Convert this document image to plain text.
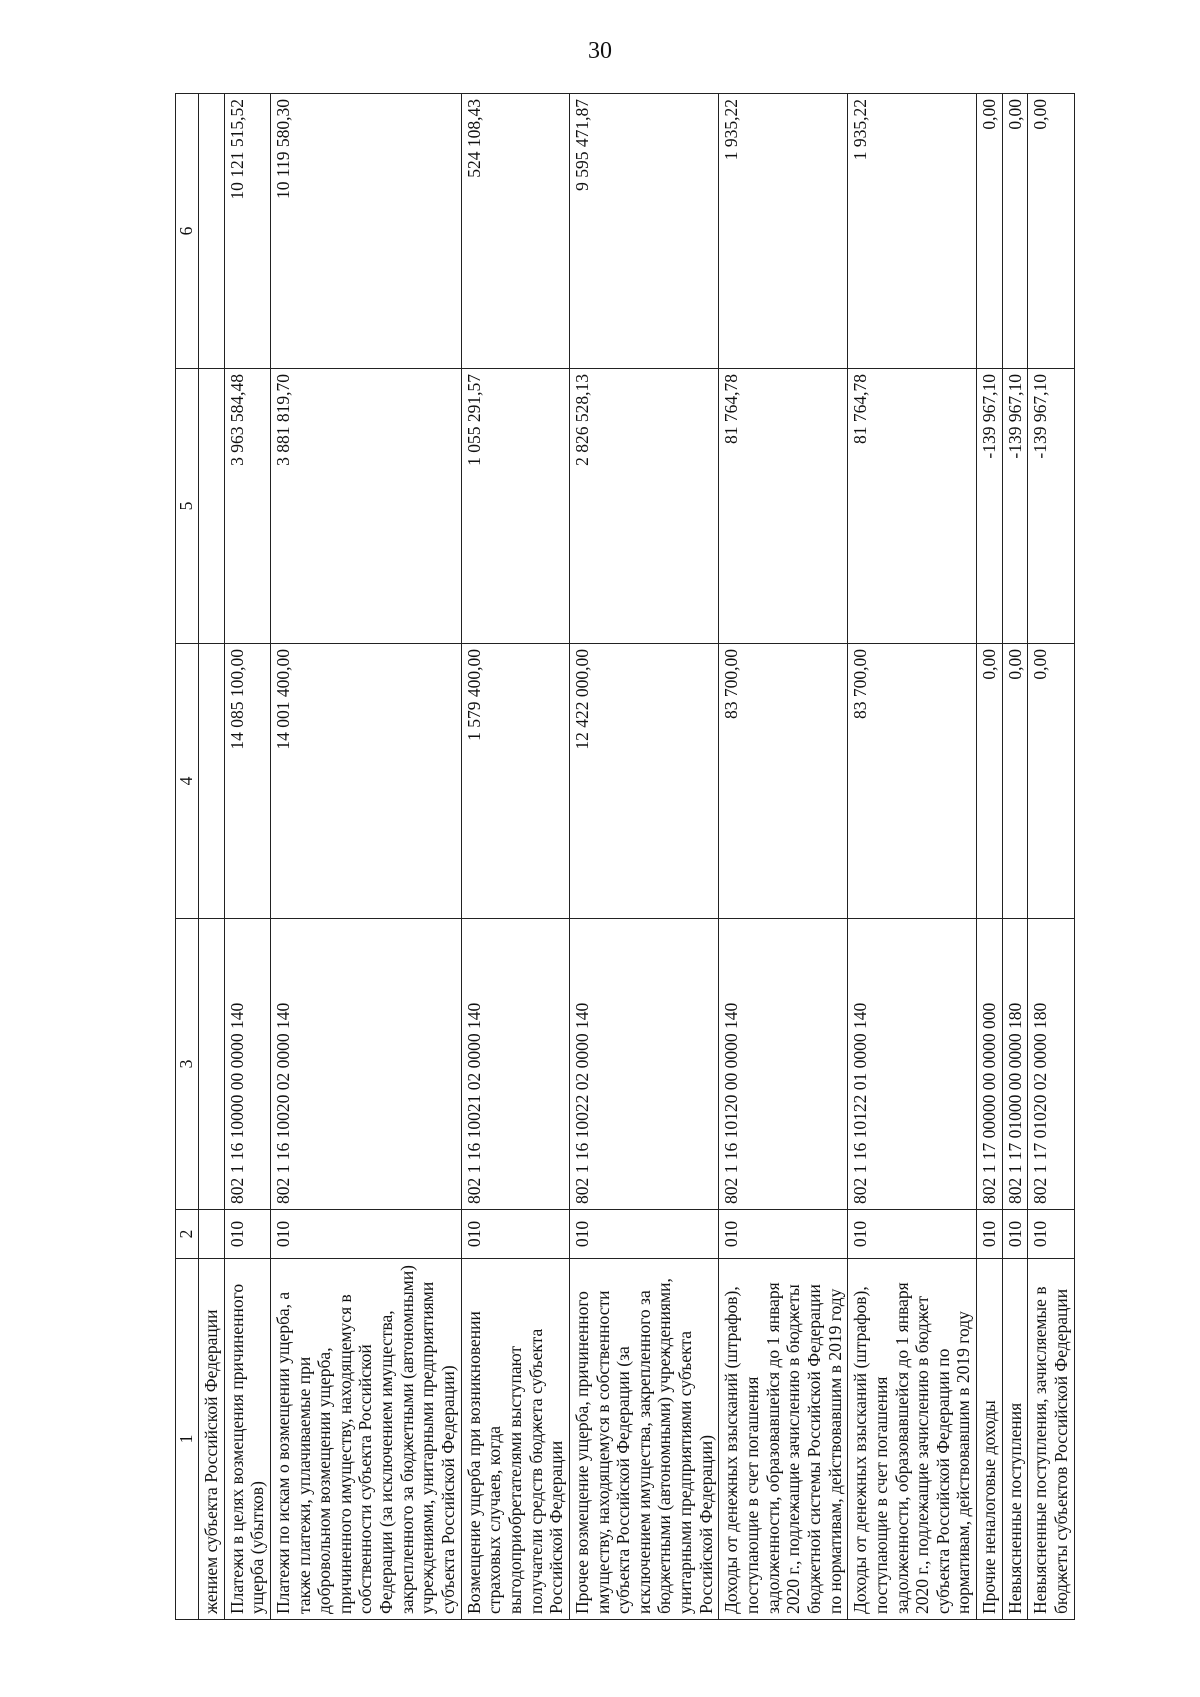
30
1	2	3	4	5	6
жением субъекта Российской Федерации					
Платежи в целях возмещения причиненного ущерба (убытков)	010	802 1 16 10000 00 0000 140	14 085 100,00	3 963 584,48	10 121 515,52
Платежи по искам о возмещении ущерба, а также платежи, уплачиваемые при добровольном возмещении ущерба, причиненного имуществу, находящемуся в собственности субъекта Российской Федерации (за исключением имущества, закрепленного за бюджетными (автономными) учреждениями, унитарными предприятиями субъекта Российской Федерации)	010	802 1 16 10020 02 0000 140	14 001 400,00	3 881 819,70	10 119 580,30
Возмещение ущерба при возникновении страховых случаев, когда выгодоприобретателями выступают получатели средств бюджета субъекта Российской Федерации	010	802 1 16 10021 02 0000 140	1 579 400,00	1 055 291,57	524 108,43
Прочее возмещение ущерба, причиненного имуществу, находящемуся в собственности субъекта Российской Федерации (за исключением имущества, закрепленного за бюджетными (автономными) учреждениями, унитарными предприятиями субъекта Российской Федерации)	010	802 1 16 10022 02 0000 140	12 422 000,00	2 826 528,13	9 595 471,87
Доходы от денежных взысканий (штрафов), поступающие в счет погашения задолженности, образовавшейся до 1 января 2020 г., подлежащие зачислению в бюджеты бюджетной системы Российской Федерации по нормативам, действовавшим в 2019 году	010	802 1 16 10120 00 0000 140	83 700,00	81 764,78	1 935,22
Доходы от денежных взысканий (штрафов), поступающие в счет погашения задолженности, образовавшейся до 1 января 2020 г., подлежащие зачислению в бюджет субъекта Российской Федерации по нормативам, действовавшим в 2019 году	010	802 1 16 10122 01 0000 140	83 700,00	81 764,78	1 935,22
Прочие неналоговые доходы	010	802 1 17 00000 00 0000 000	0,00	-139 967,10	0,00
Невыясненные поступления	010	802 1 17 01000 00 0000 180	0,00	-139 967,10	0,00
Невыясненные поступления, зачисляемые в бюджеты субъектов Российской Федерации	010	802 1 17 01020 02 0000 180	0,00	-139 967,10	0,00
